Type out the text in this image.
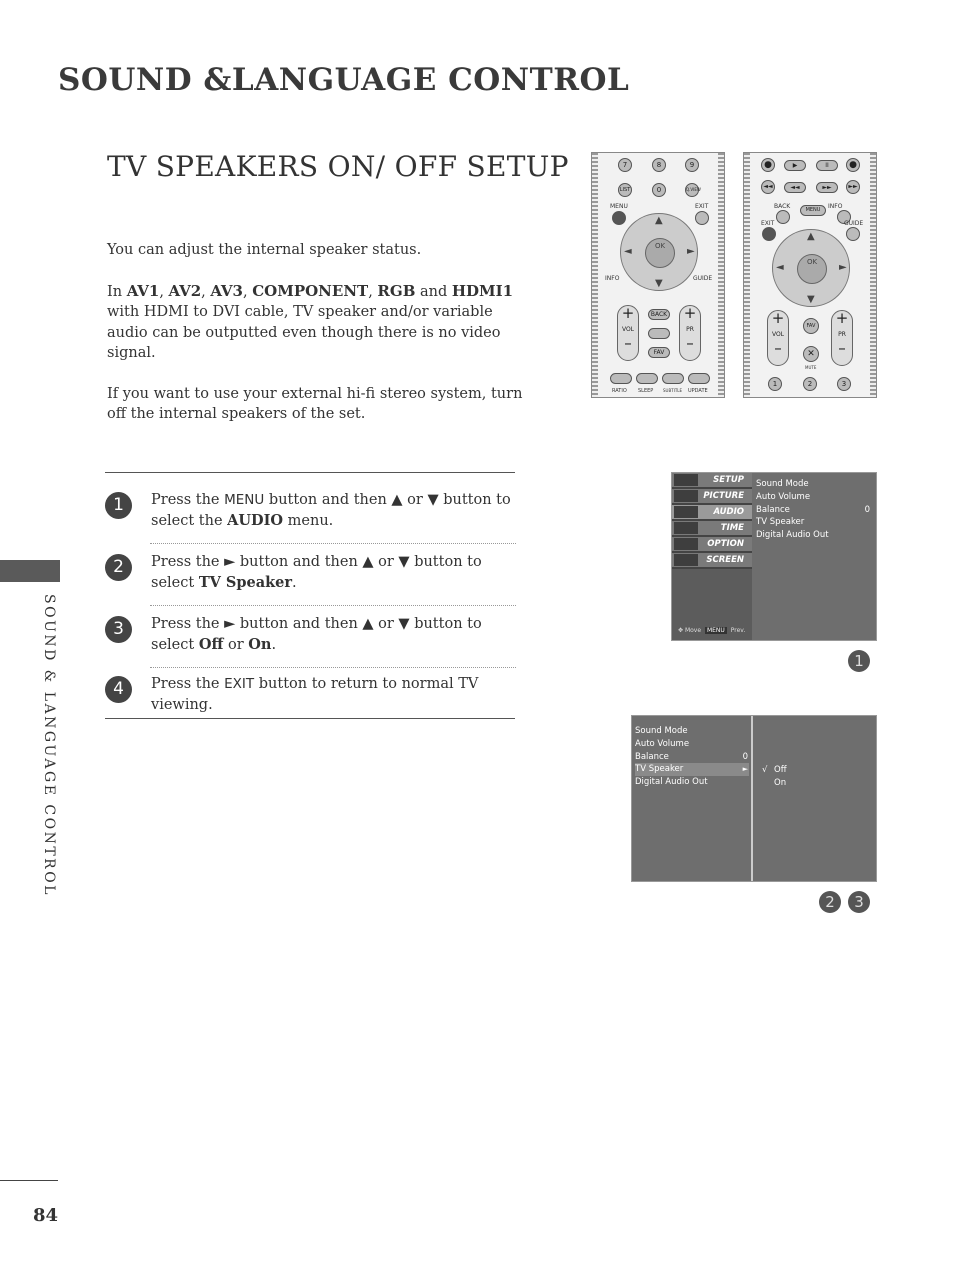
SOUND &LANGUAGE CONTROL
TV SPEAKERS ON/ OFF SETUP
SOUND & LANGUAGE CONTROL

You can adjust the internal speaker status.

In AV1, AV2, AV3, COMPONENT, RGB and HDMI1 with HDMI to DVI cable, TV speaker and/or variable audio can be outputted even though there is no video signal.

If you want to use your external hi-fi stereo system, turn off the internal speakers of the set.

1	Press the MENU button and then ▲ or ▼ button to select the AUDIO menu.
2	Press the ► button and then ▲ or ▼ button to select TV Speaker.
3	Press the ► button and then ▲ or ▼ button to select Off or On.
4	Press the EXIT button to return to normal TV viewing.
7	8	9
LIST	0	Q.VIEW
MENU	EXIT
▲
▼
◄	►
OK
INFO	GUIDE
+
VOL
–
+
PR
–
BACK
FAV
RATIO SLEEP SUBTITLE UPDATE
●	▶	II	●
◄◄	◄◄	►►	►►
BACK	MENU	INFO
EXIT	GUIDE
▲
▼
◄	►
OK
+
VOL
–
+
PR
–
FAV
✕
MUTE
1	2	3
SETUP
PICTURE
AUDIO
TIME
OPTION
SCREEN
Sound Mode
Auto Volume
Balance	0
TV Speaker
Digital Audio Out
✥ Move MENU Prev.
1
Sound Mode
Auto Volume
Balance	0
TV Speaker	►
Digital Audio Out
√ Off
On
2	3
84
